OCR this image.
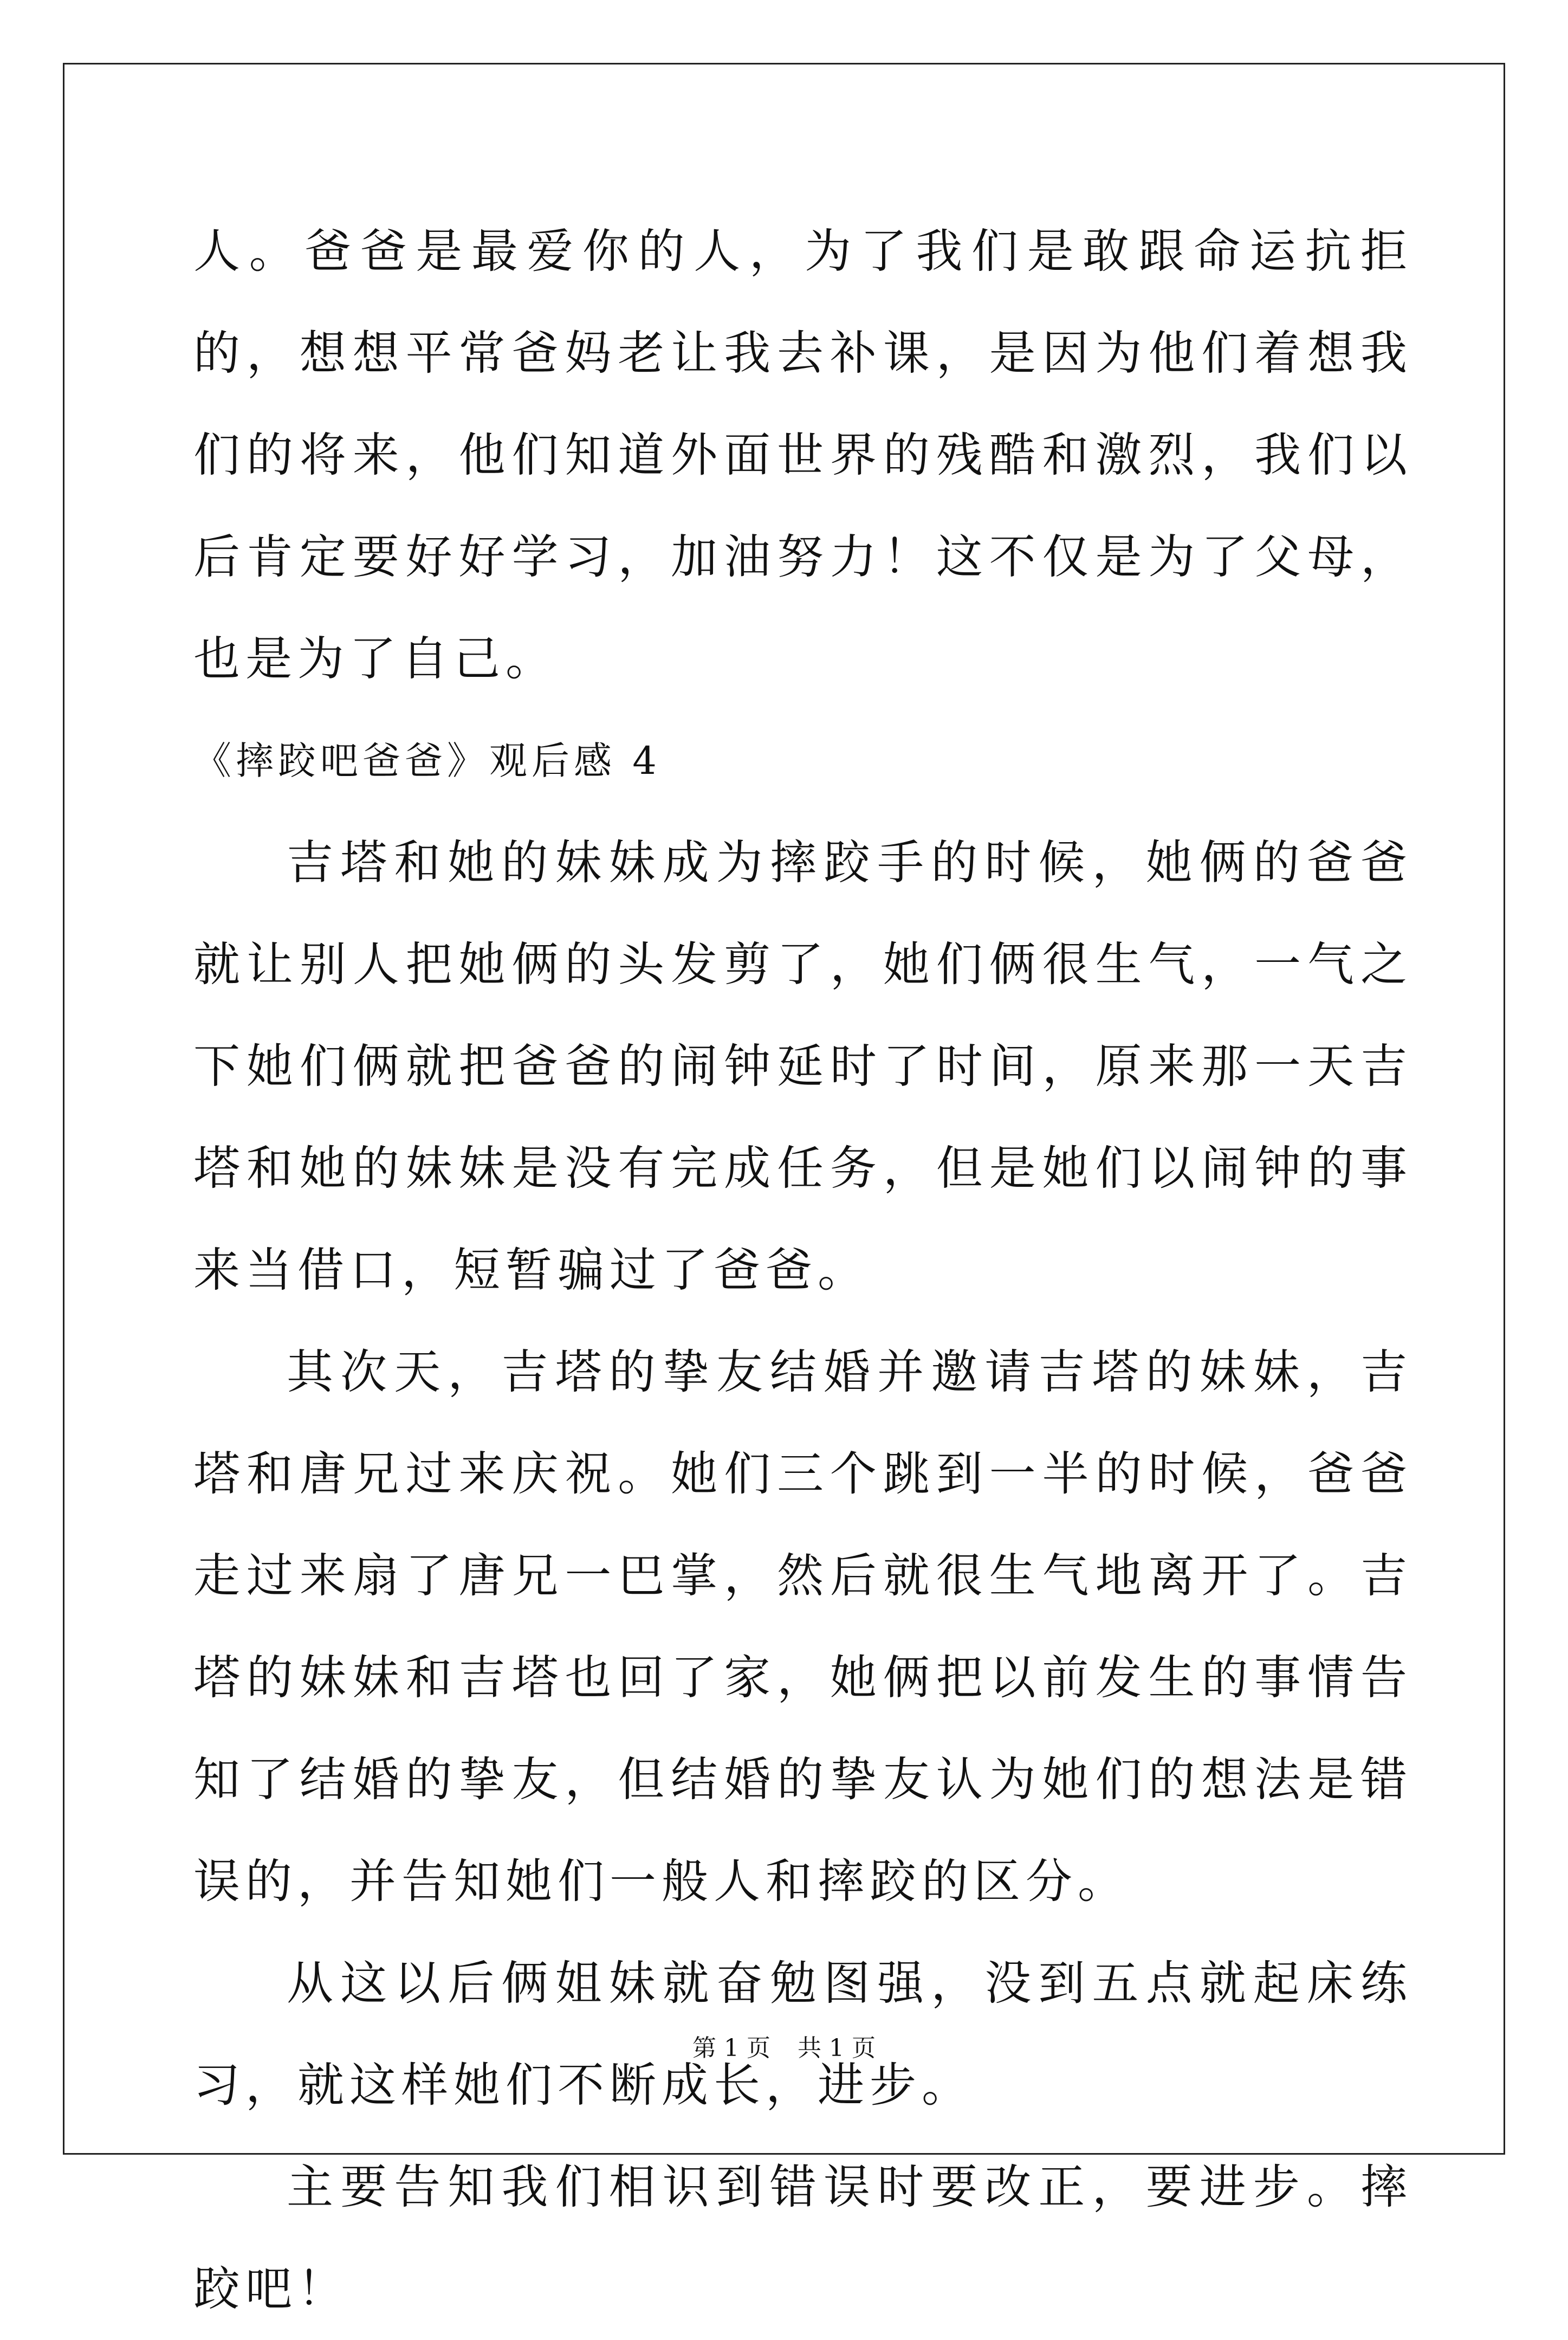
人。爸爸是最爱你的人，为了我们是敢跟命运抗拒的，想想平常爸妈老让我去补课，是因为他们着想我们的将来，他们知道外面世界的残酷和激烈，我们以后肯定要好好学习，加油努力！这不仅是为了父母，也是为了自己。

《摔跤吧爸爸》观后感 4

吉塔和她的妹妹成为摔跤手的时候，她俩的爸爸就让别人把她俩的头发剪了，她们俩很生气，一气之下她们俩就把爸爸的闹钟延时了时间，原来那一天吉塔和她的妹妹是没有完成任务，但是她们以闹钟的事来当借口，短暂骗过了爸爸。

其次天，吉塔的挚友结婚并邀请吉塔的妹妹，吉塔和唐兄过来庆祝。她们三个跳到一半的时候，爸爸走过来扇了唐兄一巴掌，然后就很生气地离开了。吉塔的妹妹和吉塔也回了家，她俩把以前发生的事情告知了结婚的挚友，但结婚的挚友认为她们的想法是错误的，并告知她们一般人和摔跤的区分。

从这以后俩姐妹就奋勉图强，没到五点就起床练习，就这样她们不断成长，进步。

主要告知我们相识到错误时要改正，要进步。摔跤吧！

第 1 页 共 1 页
